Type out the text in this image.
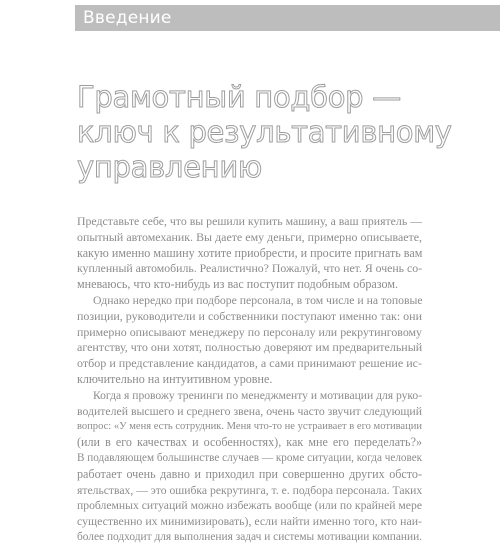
Введение
Грамотный подбор —
ключ к результативному
управлению
Представьте себе, что вы решили купить машину, а ваш приятель —
опытный автомеханик. Вы даете ему деньги, примерно описываете,
какую именно машину хотите приобрести, и просите пригнать вам
купленный автомобиль. Реалистично? Пожалуй, что нет. Я очень со-
мневаюсь, что кто-нибудь из вас поступит подобным образом.
Однако нередко при подборе персонала, в том числе и на топовые
позиции, руководители и собственники поступают именно так: они
примерно описывают менеджеру по персоналу или рекрутинговому
агентству, что они хотят, полностью доверяют им предварительный
отбор и представление кандидатов, а сами принимают решение ис-
ключительно на интуитивном уровне.
Когда я провожу тренинги по менеджменту и мотивации для руко-
водителей высшего и среднего звена, очень часто звучит следующий
вопрос: «У меня есть сотрудник. Меня что-то не устраивает в его мотивации
(или в его качествах и особенностях), как мне его переделать?»
В подавляющем большинстве случаев — кроме ситуации, когда человек
работает очень давно и приходил при совершенно других обсто-
ятельствах, — это ошибка рекрутинга, т. е. подбора персонала. Таких
проблемных ситуаций можно избежать вообще (или по крайней мере
существенно их минимизировать), если найти именно того, кто наи-
более подходит для выполнения задач и системы мотивации компании.
